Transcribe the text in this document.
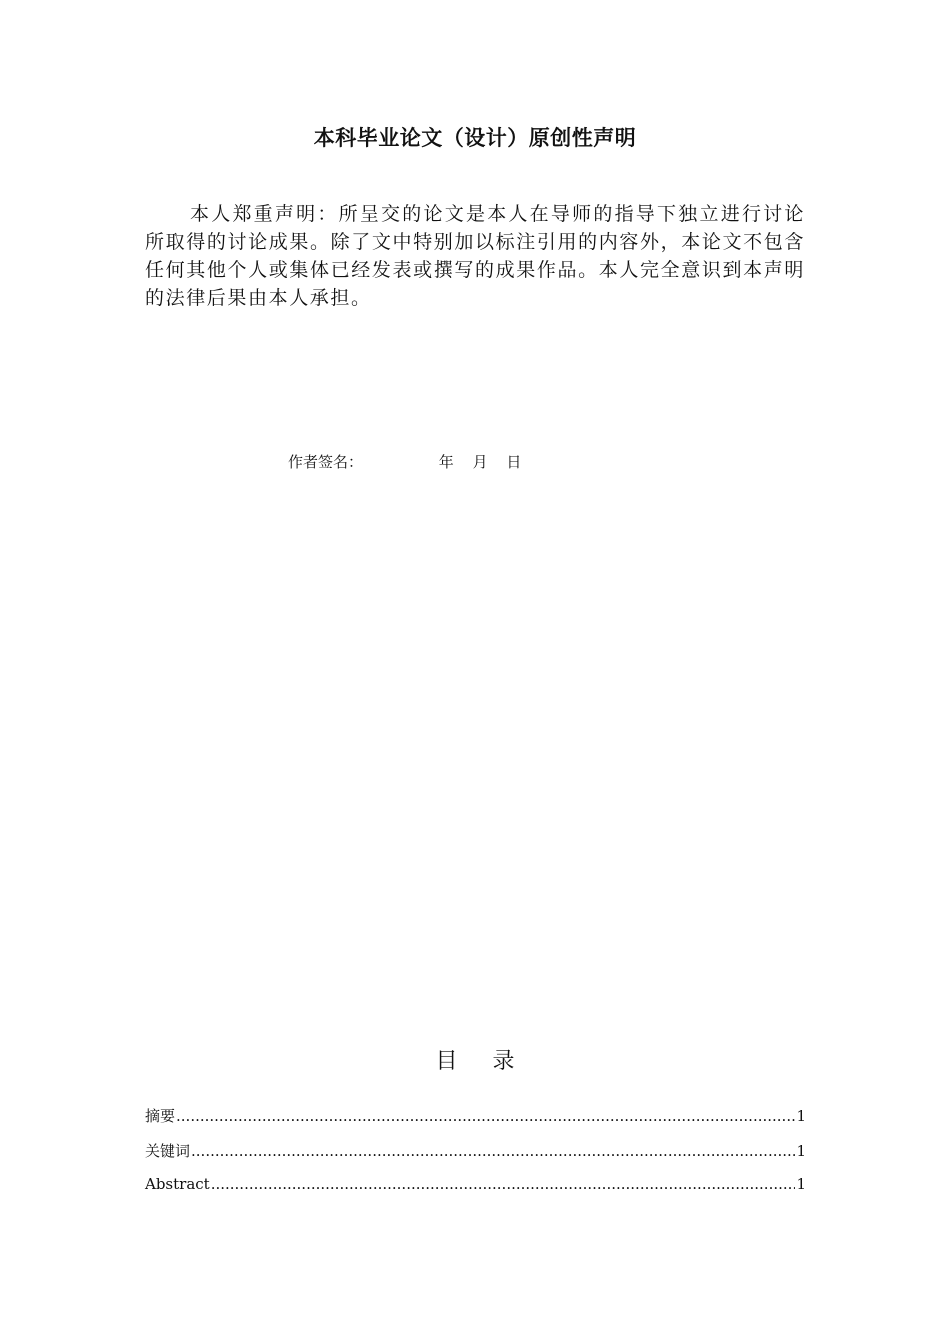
本科毕业论文（设计）原创性声明

本人郑重声明：所呈交的论文是本人在导师的指导下独立进行讨论所取得的讨论成果。除了文中特别加以标注引用的内容外，本论文不包含任何其他个人或集体已经发表或撰写的成果作品。本人完全意识到本声明的法律后果由本人承担。

作者签名：	年 月 日
目 录
摘要 .....	1
关键词 .....	1
Abstract .....	1
